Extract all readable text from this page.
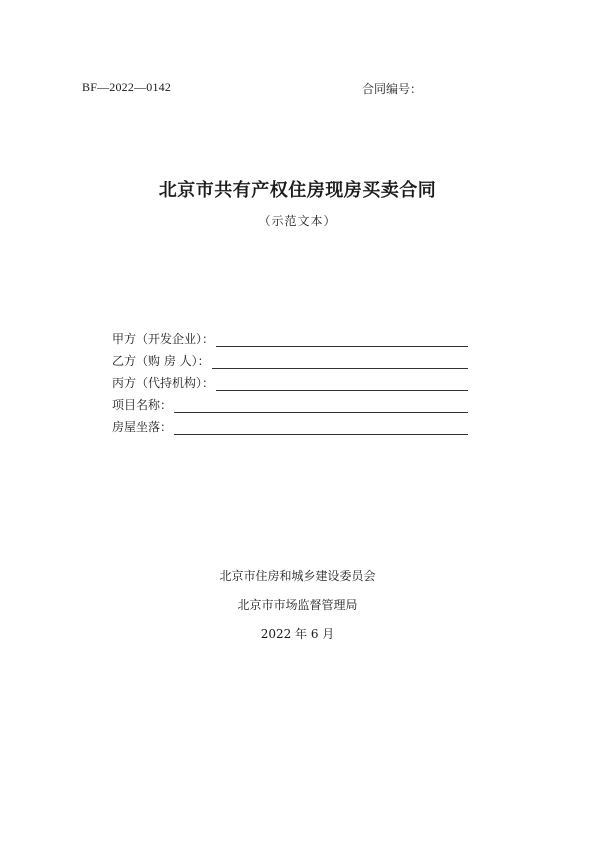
BF—2022—0142	合同编号：
北京市共有产权住房现房买卖合同
（示范文本）
甲方（开发企业）：
乙方（购 房 人）：
丙方（代持机构）：
项目名称：
房屋坐落：
北京市住房和城乡建设委员会
北京市市场监督管理局
2022 年 6 月
